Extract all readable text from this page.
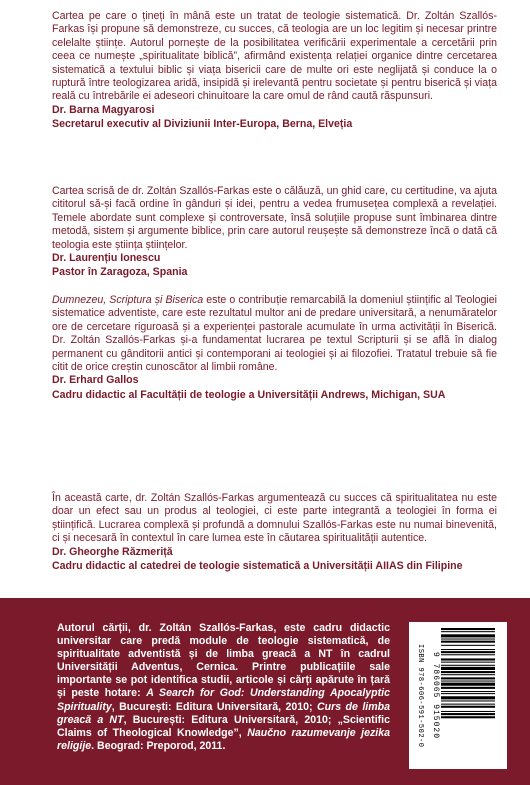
Cartea pe care o țineți în mână este un tratat de teologie sistematică. Dr. Zoltán Szallós-Farkas își propune să demonstreze, cu succes, că teologia are un loc legitim și necesar printre celelalte științe. Autorul pornește de la posibilitatea verificării experimentale a cercetării prin ceea ce numește „spiritualitate biblică”, afirmând existența relației organice dintre cercetarea sistematică a textului biblic și viața bisericii care de multe ori este neglijată și conduce la o ruptură între teologizarea aridă, insipidă și irelevantă pentru societate și pentru biserică și viața reală cu întrebările ei adeseori chinuitoare la care omul de rând caută răspunsuri.

Dr. Barna Magyarosi
Secretarul executiv al Diviziunii Inter-Europa, Berna, Elveția

Cartea scrisă de dr. Zoltán Szallós-Farkas este o călăuză, un ghid care, cu certitudine, va ajuta cititorul să-și facă ordine în gânduri și idei, pentru a vedea frumusețea complexă a revelației. Temele abordate sunt complexe și controversate, însă soluțiile propuse sunt îmbinarea dintre metodă, sistem și argumente biblice, prin care autorul reușește să demonstreze încă o dată că teologia este știința științelor.

Dr. Laurențiu Ionescu
Pastor în Zaragoza, Spania

Dumnezeu, Scriptura și Biserica este o contribuție remarcabilă la domeniul științific al Teologiei sistematice adventiste, care este rezultatul multor ani de predare universitară, a nenumăratelor ore de cercetare riguroasă și a experienței pastorale acumulate în urma activității în Biserică. Dr. Zoltán Szallós-Farkas și-a fundamentat lucrarea pe textul Scripturii și se află în dialog permanent cu gânditorii antici și contemporani ai teologiei și ai filozofiei. Tratatul trebuie să fie citit de orice creștin cunoscător al limbii române.

Dr. Erhard Gallos
Cadru didactic al Facultății de teologie a Universității Andrews, Michigan, SUA

În această carte, dr. Zoltán Szallós-Farkas argumentează cu succes că spiritualitatea nu este doar un efect sau un produs al teologiei, ci este parte integrantă a teologiei în forma ei științifică. Lucrarea complexă și profundă a domnului Szallós-Farkas este nu numai binevenită, ci și necesară în contextul în care lumea este în căutarea spiritualității autentice.

Dr. Gheorghe Răzmeriță
Cadru didactic al catedrei de teologie sistematică a Universității AIIAS din Filipine

Autorul cărții, dr. Zoltán Szallós-Farkas, este cadru didactic universitar care predă module de teologie sistematică, de spiritualitate adventistă și de limba greacă a NT în cadrul Universității Adventus, Cernica. Printre publicațiile sale importante se pot identifica studii, articole și cărți apărute în țară și peste hotare: A Search for God: Understanding Apocalyptic Spirituality, București: Editura Universitară, 2010; Curs de limba greacă a NT, București: Editura Universitară, 2010; „Scientific Claims of Theological Knowledge”, Naučno razumevanje jezika religije. Beograd: Preporod, 2011.	ISBN 978-606-591-502-0 9 786065 915020
